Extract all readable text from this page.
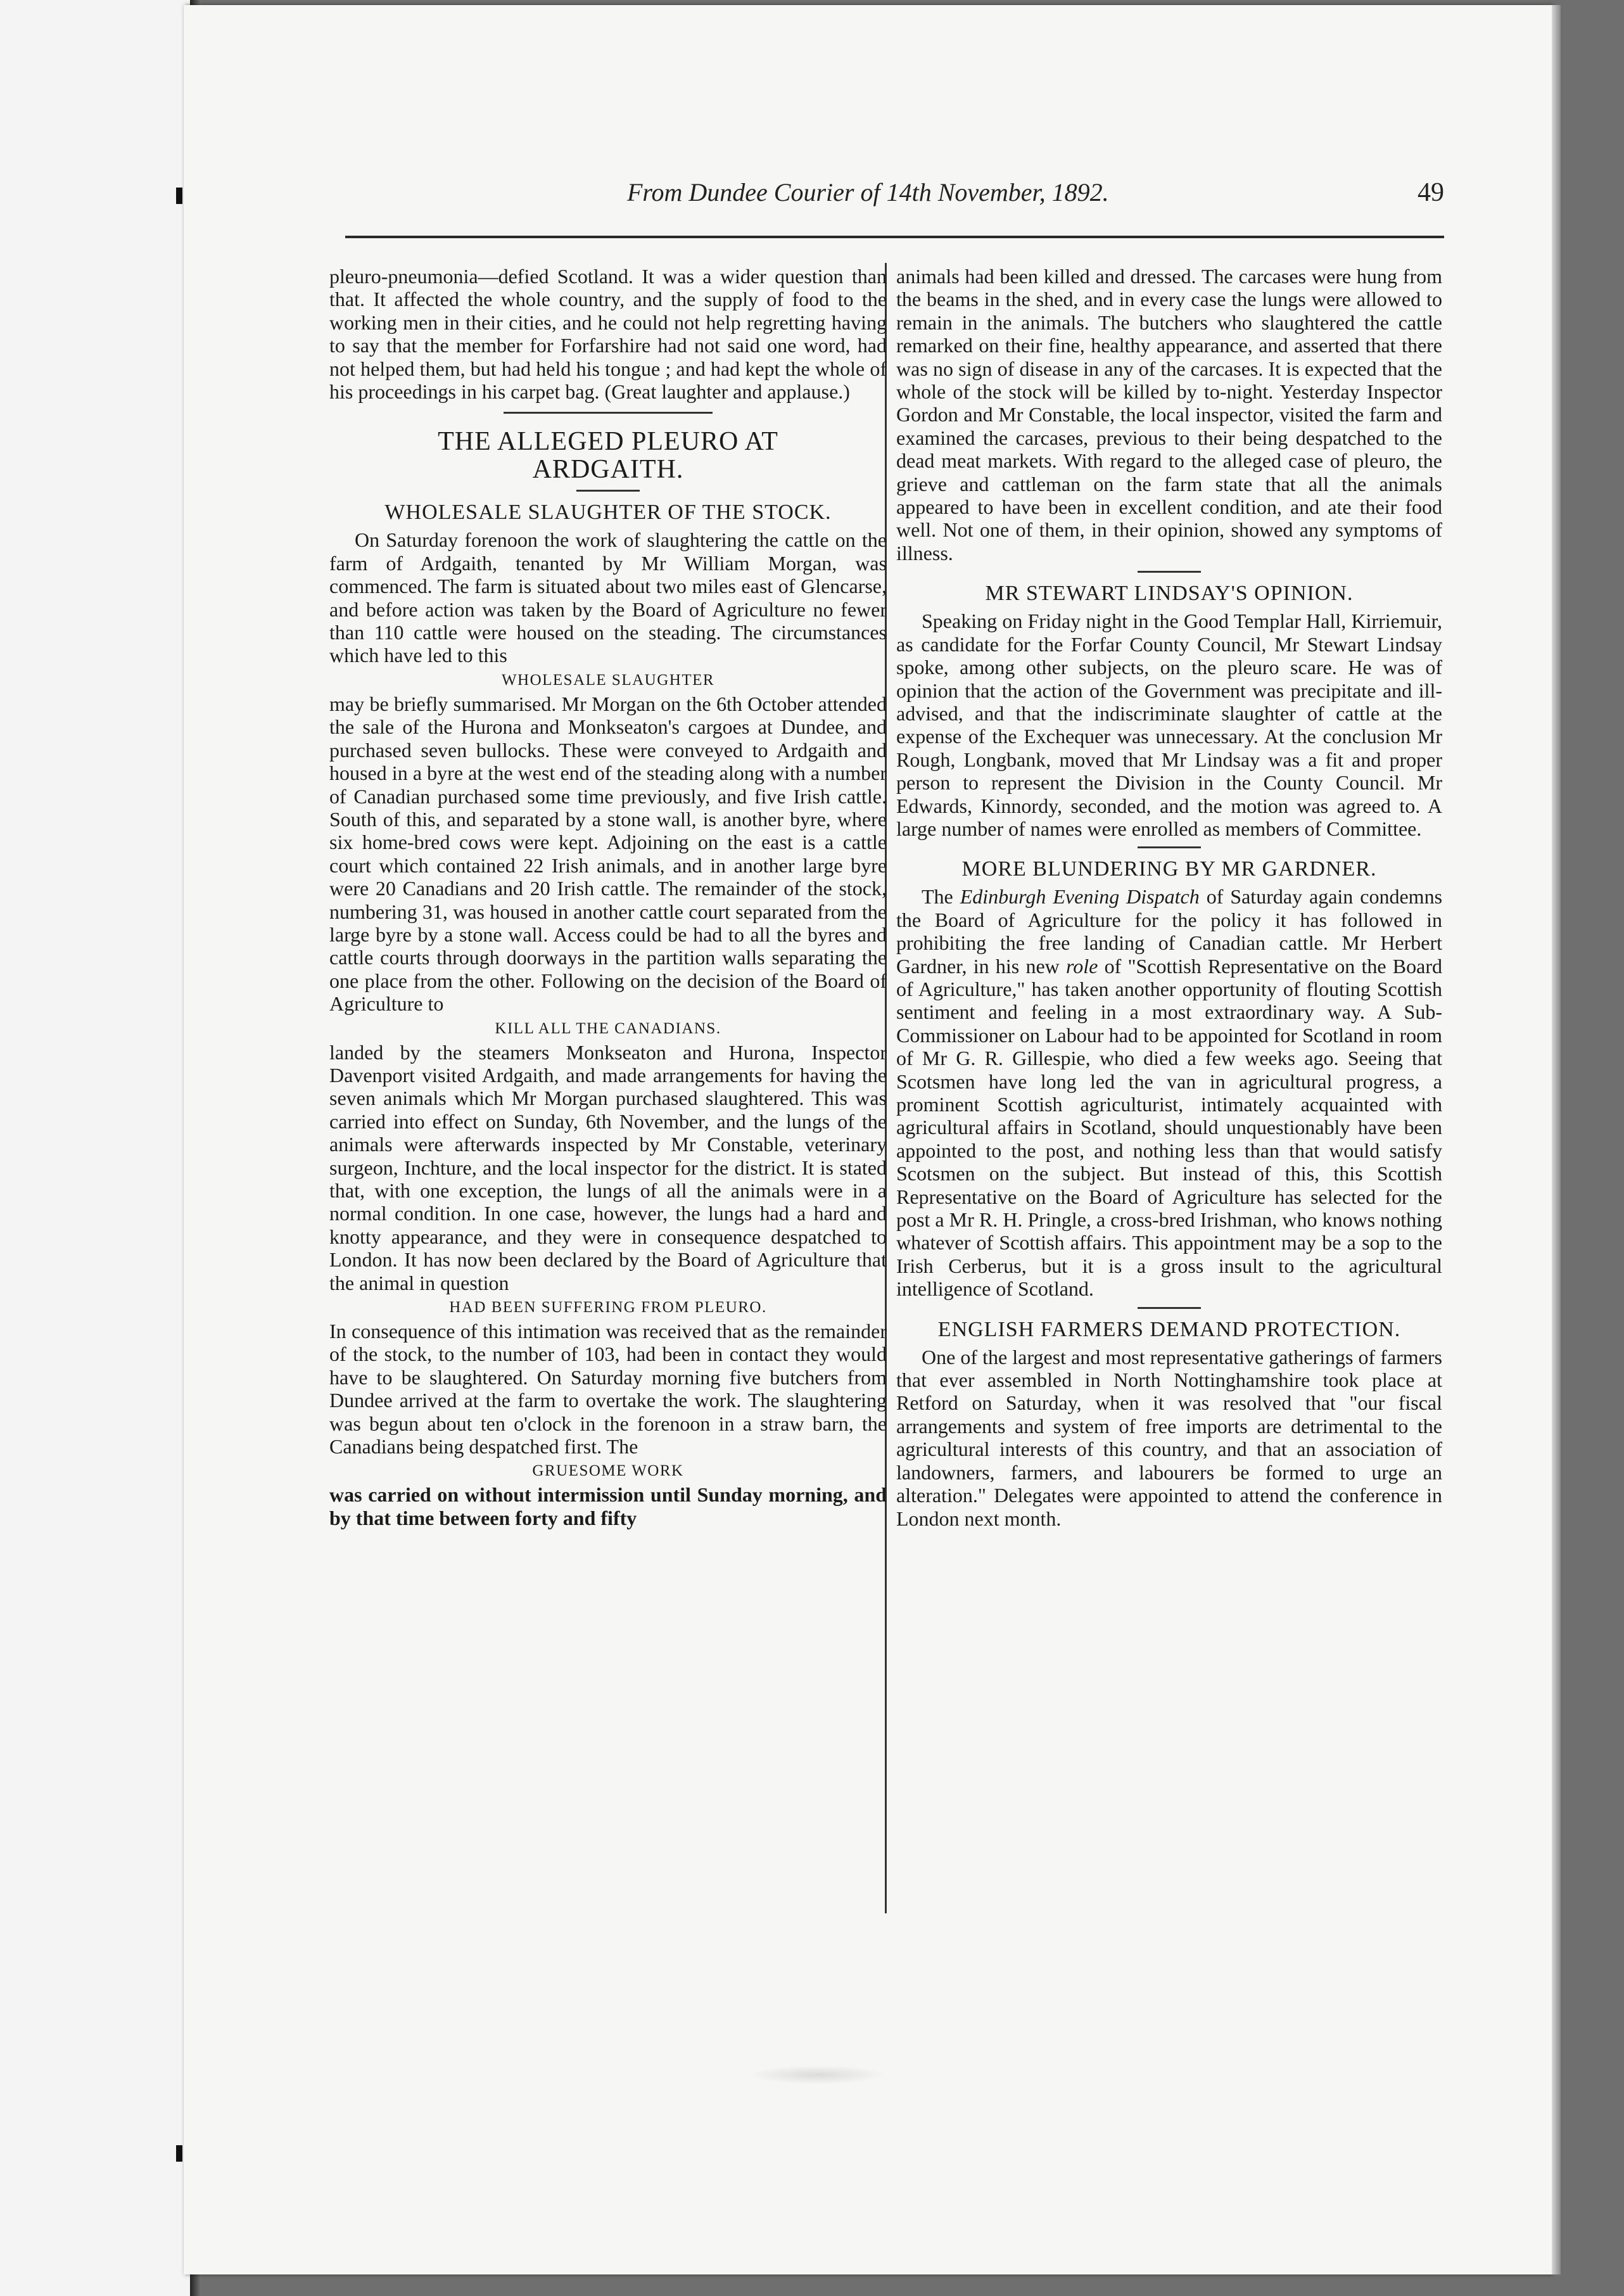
From Dundee Courier of 14th November, 1892.	49

pleuro-pneumonia—defied Scotland. It was a wider question than that. It affected the whole country, and the supply of food to the working men in their cities, and he could not help regretting having to say that the member for Forfarshire had not said one word, had not helped them, but had held his tongue ; and had kept the whole of his proceedings in his carpet bag. (Great laughter and applause.)

THE ALLEGED PLEURO AT
ARDGAITH.
WHOLESALE SLAUGHTER OF THE STOCK.

On Saturday forenoon the work of slaughtering the cattle on the farm of Ardgaith, tenanted by Mr William Morgan, was commenced. The farm is situated about two miles east of Glencarse, and before action was taken by the Board of Agriculture no fewer than 110 cattle were housed on the steading. The circumstances which have led to this

WHOLESALE SLAUGHTER

may be briefly summarised. Mr Morgan on the 6th October attended the sale of the Hurona and Monkseaton's cargoes at Dundee, and purchased seven bullocks. These were conveyed to Ardgaith and housed in a byre at the west end of the steading along with a number of Canadian purchased some time previously, and five Irish cattle. South of this, and separated by a stone wall, is another byre, where six home-bred cows were kept. Adjoining on the east is a cattle court which contained 22 Irish animals, and in another large byre were 20 Canadians and 20 Irish cattle. The remainder of the stock, numbering 31, was housed in another cattle court separated from the large byre by a stone wall. Access could be had to all the byres and cattle courts through doorways in the partition walls separating the one place from the other. Following on the decision of the Board of Agriculture to

KILL ALL THE CANADIANS.

landed by the steamers Monkseaton and Hurona, Inspector Davenport visited Ardgaith, and made arrangements for having the seven animals which Mr Morgan purchased slaughtered. This was carried into effect on Sunday, 6th November, and the lungs of the animals were afterwards inspected by Mr Constable, veterinary surgeon, Inchture, and the local inspector for the district. It is stated that, with one exception, the lungs of all the animals were in a normal condition. In one case, however, the lungs had a hard and knotty appearance, and they were in consequence despatched to London. It has now been declared by the Board of Agriculture that the animal in question

HAD BEEN SUFFERING FROM PLEURO.

In consequence of this intimation was received that as the remainder of the stock, to the number of 103, had been in contact they would have to be slaughtered. On Saturday morning five butchers from Dundee arrived at the farm to overtake the work. The slaughtering was begun about ten o'clock in the forenoon in a straw barn, the Canadians being despatched first. The

GRUESOME WORK

was carried on without intermission until Sunday morning, and by that time between forty and fifty

animals had been killed and dressed. The carcases were hung from the beams in the shed, and in every case the lungs were allowed to remain in the animals. The butchers who slaughtered the cattle remarked on their fine, healthy appearance, and asserted that there was no sign of disease in any of the carcases. It is expected that the whole of the stock will be killed by to-night. Yesterday Inspector Gordon and Mr Constable, the local inspector, visited the farm and examined the carcases, previous to their being despatched to the dead meat markets. With regard to the alleged case of pleuro, the grieve and cattleman on the farm state that all the animals appeared to have been in excellent condition, and ate their food well. Not one of them, in their opinion, showed any symptoms of illness.

MR STEWART LINDSAY'S OPINION.

Speaking on Friday night in the Good Templar Hall, Kirriemuir, as candidate for the Forfar County Council, Mr Stewart Lindsay spoke, among other subjects, on the pleuro scare. He was of opinion that the action of the Government was precipitate and ill-advised, and that the indiscriminate slaughter of cattle at the expense of the Exchequer was unnecessary. At the conclusion Mr Rough, Longbank, moved that Mr Lindsay was a fit and proper person to represent the Division in the County Council. Mr Edwards, Kinnordy, seconded, and the motion was agreed to. A large number of names were enrolled as members of Committee.

MORE BLUNDERING BY MR GARDNER.

The Edinburgh Evening Dispatch of Saturday again condemns the Board of Agriculture for the policy it has followed in prohibiting the free landing of Canadian cattle. Mr Herbert Gardner, in his new role of "Scottish Representative on the Board of Agriculture," has taken another opportunity of flouting Scottish sentiment and feeling in a most extraordinary way. A Sub-Commissioner on Labour had to be appointed for Scotland in room of Mr G. R. Gillespie, who died a few weeks ago. Seeing that Scotsmen have long led the van in agricultural progress, a prominent Scottish agriculturist, intimately acquainted with agricultural affairs in Scotland, should unquestionably have been appointed to the post, and nothing less than that would satisfy Scotsmen on the subject. But instead of this, this Scottish Representative on the Board of Agriculture has selected for the post a Mr R. H. Pringle, a cross-bred Irishman, who knows nothing whatever of Scottish affairs. This appointment may be a sop to the Irish Cerberus, but it is a gross insult to the agricultural intelligence of Scotland.

ENGLISH FARMERS DEMAND PROTECTION.

One of the largest and most representative gatherings of farmers that ever assembled in North Nottinghamshire took place at Retford on Saturday, when it was resolved that "our fiscal arrangements and system of free imports are detrimental to the agricultural interests of this country, and that an association of landowners, farmers, and labourers be formed to urge an alteration." Delegates were appointed to attend the conference in London next month.
